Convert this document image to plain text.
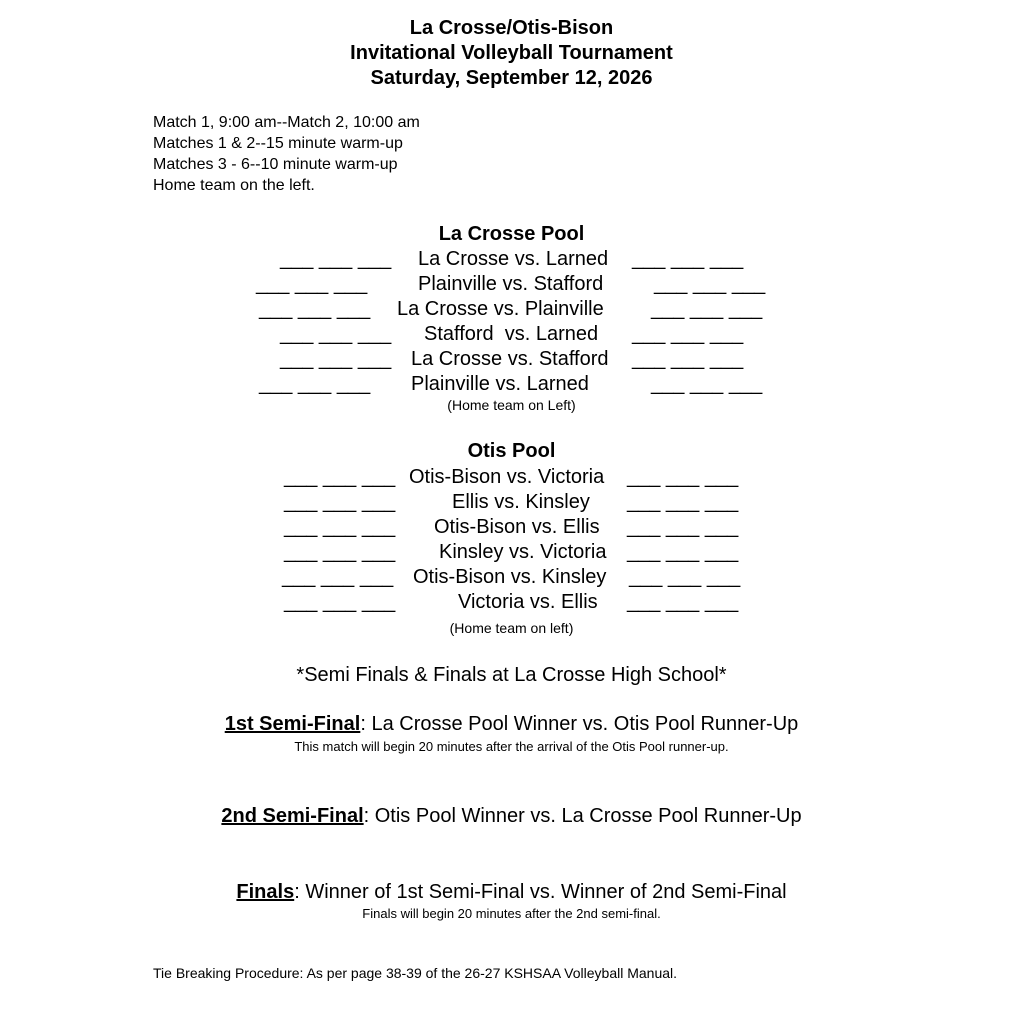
La Crosse/Otis-Bison
Invitational Volleyball Tournament
Saturday, September 12, 2026
Match 1, 9:00 am--Match 2, 10:00 am
Matches 1 & 2--15 minute warm-up
Matches 3 - 6--10 minute warm-up
Home team on the left.
La Crosse Pool
___ ___ ___ La Crosse vs. Larned ___ ___ ___
___ ___ ___	Plainville vs. Stafford	___ ___ ___
___ ___ ___ La Crosse vs. Plainville ___ ___ ___
___ ___ ___ Stafford  vs. Larned ___ ___ ___
___ ___ ___ La Crosse vs. Stafford ___ ___ ___
___ ___ ___ Plainville vs. Larned	___ ___ ___
(Home team on Left)
Otis Pool
___ ___ ___ Otis-Bison vs. Victoria ___ ___ ___
___ ___ ___	Ellis vs. Kinsley ___ ___ ___
___ ___ ___ Otis-Bison vs. Ellis ___ ___ ___
___ ___ ___ Kinsley vs. Victoria ___ ___ ___
___ ___ ___ Otis-Bison vs. Kinsley ___ ___ ___
___ ___ ___	Victoria vs. Ellis ___ ___ ___
(Home team on left)
*Semi Finals & Finals at La Crosse High School*
1st Semi-Final: La Crosse Pool Winner vs. Otis Pool Runner-Up
This match will begin 20 minutes after the arrival of the Otis Pool runner-up.
2nd Semi-Final: Otis Pool Winner vs. La Crosse Pool Runner-Up
Finals: Winner of 1st Semi-Final vs. Winner of 2nd Semi-Final
Finals will begin 20 minutes after the 2nd semi-final.
Tie Breaking Procedure: As per page 38-39 of the 26-27 KSHSAA Volleyball Manual.
